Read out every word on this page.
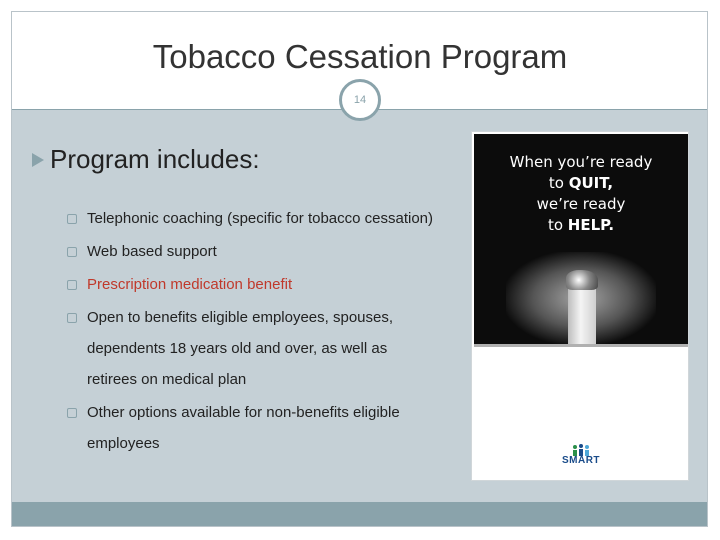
Tobacco Cessation Program
14
Program includes:
Telephonic coaching (specific for tobacco cessation)
Web based support
Prescription medication benefit
Open to benefits eligible employees, spouses, dependents 18 years old and over, as well as retirees on medical plan
Other options available for non-benefits eligible employees
When you’re ready
to QUIT,
we’re ready
to HELP.
SMART
